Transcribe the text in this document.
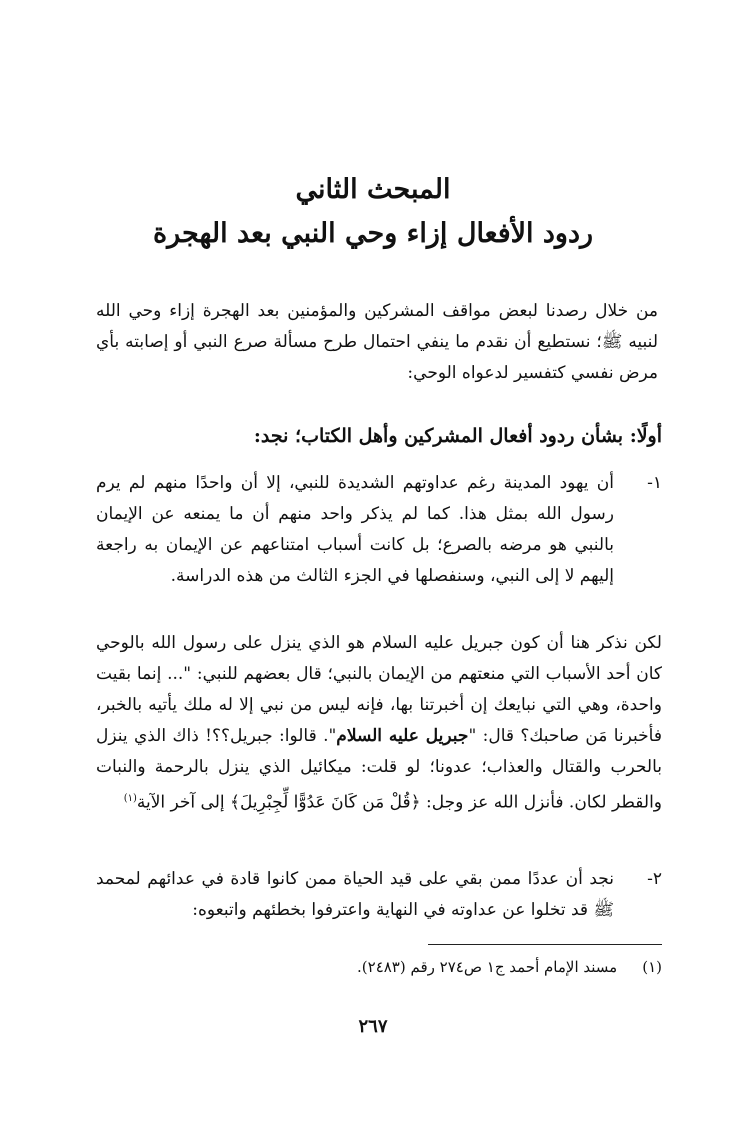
المبحث الثاني
ردود الأفعال إزاء وحي النبي بعد الهجرة
من خلال رصدنا لبعض مواقف المشركين والمؤمنين بعد الهجرة إزاء وحي الله لنبيه ﷺ؛ نستطيع أن نقدم ما ينفي احتمال طرح مسألة صرع النبي أو إصابته بأي مرض نفسي كتفسير لدعواه الوحي:
أولًا: بشأن ردود أفعال المشركين وأهل الكتاب؛ نجد:
١-
أن يهود المدينة رغم عداوتهم الشديدة للنبي، إلا أن واحدًا منهم لم يرم رسول الله بمثل هذا. كما لم يذكر واحد منهم أن ما يمنعه عن الإيمان بالنبي هو مرضه بالصرع؛ بل كانت أسباب امتناعهم عن الإيمان به راجعة إليهم لا إلى النبي، وسنفصلها في الجزء الثالث من هذه الدراسة.
لكن نذكر هنا أن كون جبريل عليه السلام هو الذي ينزل على رسول الله بالوحي كان أحد الأسباب التي منعتهم من الإيمان بالنبي؛ قال بعضهم للنبي: "... إنما بقيت واحدة، وهي التي نبايعك إن أخبرتنا بها، فإنه ليس من نبي إلا له ملك يأتيه بالخبر، فأخبرنا مَن صاحبك؟ قال: "جبريل عليه السلام". قالوا: جبريل؟؟! ذاك الذي ينزل بالحرب والقتال والعذاب؛ عدونا؛ لو قلت: ميكائيل الذي ينزل بالرحمة والنبات والقطر لكان. فأنزل الله عز وجل: ﴿قُلْ مَن كَانَ عَدُوًّا لِّجِبْرِيلَ﴾ إلى آخر الآية$^{(١)}$
٢-
نجد أن عددًا ممن بقي على قيد الحياة ممن كانوا قادة في عدائهم لمحمد ﷺ قد تخلوا عن عداوته في النهاية واعترفوا بخطئهم واتبعوه:
(١) مسند الإمام أحمد ج١ ص٢٧٤ رقم (٢٤٨٣).
٢٦٧
